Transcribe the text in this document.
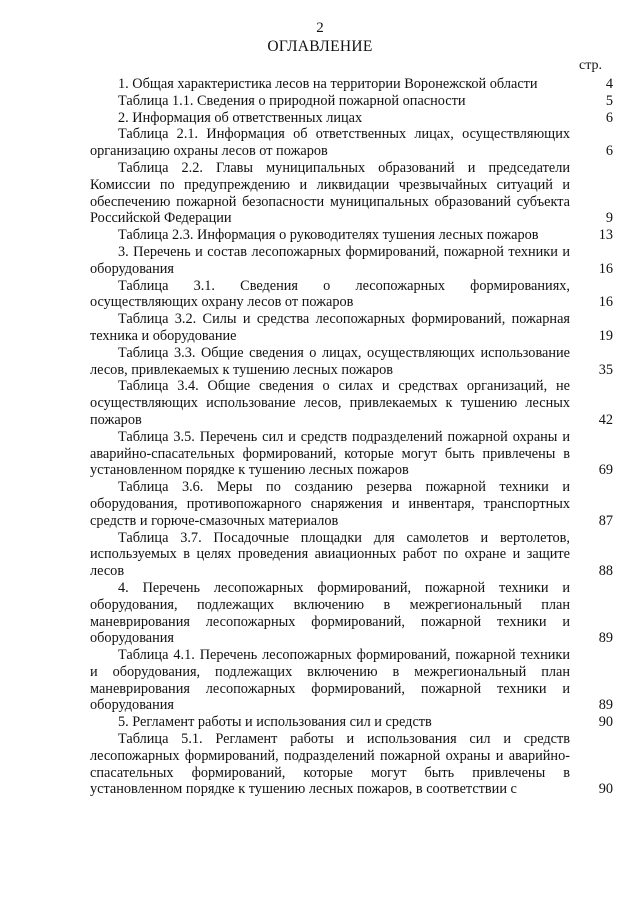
2
ОГЛАВЛЕНИЕ
стр.
1. Общая характеристика лесов на территории Воронежской области	4
Таблица 1.1. Сведения о природной пожарной опасности	5
2. Информация об ответственных лицах	6
Таблица 2.1. Информация об ответственных лицах, осуществляющих организацию охраны лесов от пожаров	6
Таблица 2.2. Главы муниципальных образований и председатели Комиссии по предупреждению и ликвидации чрезвычайных ситуаций и обеспечению пожарной безопасности муниципальных образований субъекта Российской Федерации	9
Таблица 2.3. Информация о руководителях тушения лесных пожаров	13
3. Перечень и состав лесопожарных формирований, пожарной техники и оборудования	16
Таблица 3.1. Сведения о лесопожарных формированиях, осуществляющих охрану лесов от пожаров	16
Таблица 3.2. Силы и средства лесопожарных формирований, пожарная техника и оборудование	19
Таблица 3.3. Общие сведения о лицах, осуществляющих использование лесов, привлекаемых к тушению лесных пожаров	35
Таблица 3.4. Общие сведения о силах и средствах организаций, не осуществляющих использование лесов, привлекаемых к тушению лесных пожаров	42
Таблица 3.5. Перечень сил и средств подразделений пожарной охраны и аварийно-спасательных формирований, которые могут быть привлечены в установленном порядке к тушению лесных пожаров	69
Таблица 3.6. Меры по созданию резерва пожарной техники и оборудования, противопожарного снаряжения и инвентаря, транспортных средств и горюче-смазочных материалов	87
Таблица 3.7. Посадочные площадки для самолетов и вертолетов, используемых в целях проведения авиационных работ по охране и защите лесов	88
4. Перечень лесопожарных формирований, пожарной техники и оборудования, подлежащих включению в межрегиональный план маневрирования лесопожарных формирований, пожарной техники и оборудования	89
Таблица 4.1. Перечень лесопожарных формирований, пожарной техники и оборудования, подлежащих включению в межрегиональный план маневрирования лесопожарных формирований, пожарной техники и оборудования	89
5. Регламент работы и использования сил и средств	90
Таблица 5.1. Регламент работы и использования сил и средств лесопожарных формирований, подразделений пожарной охраны и аварийно-спасательных формирований, которые могут быть привлечены в установленном порядке к тушению лесных пожаров, в соответствии с	90
